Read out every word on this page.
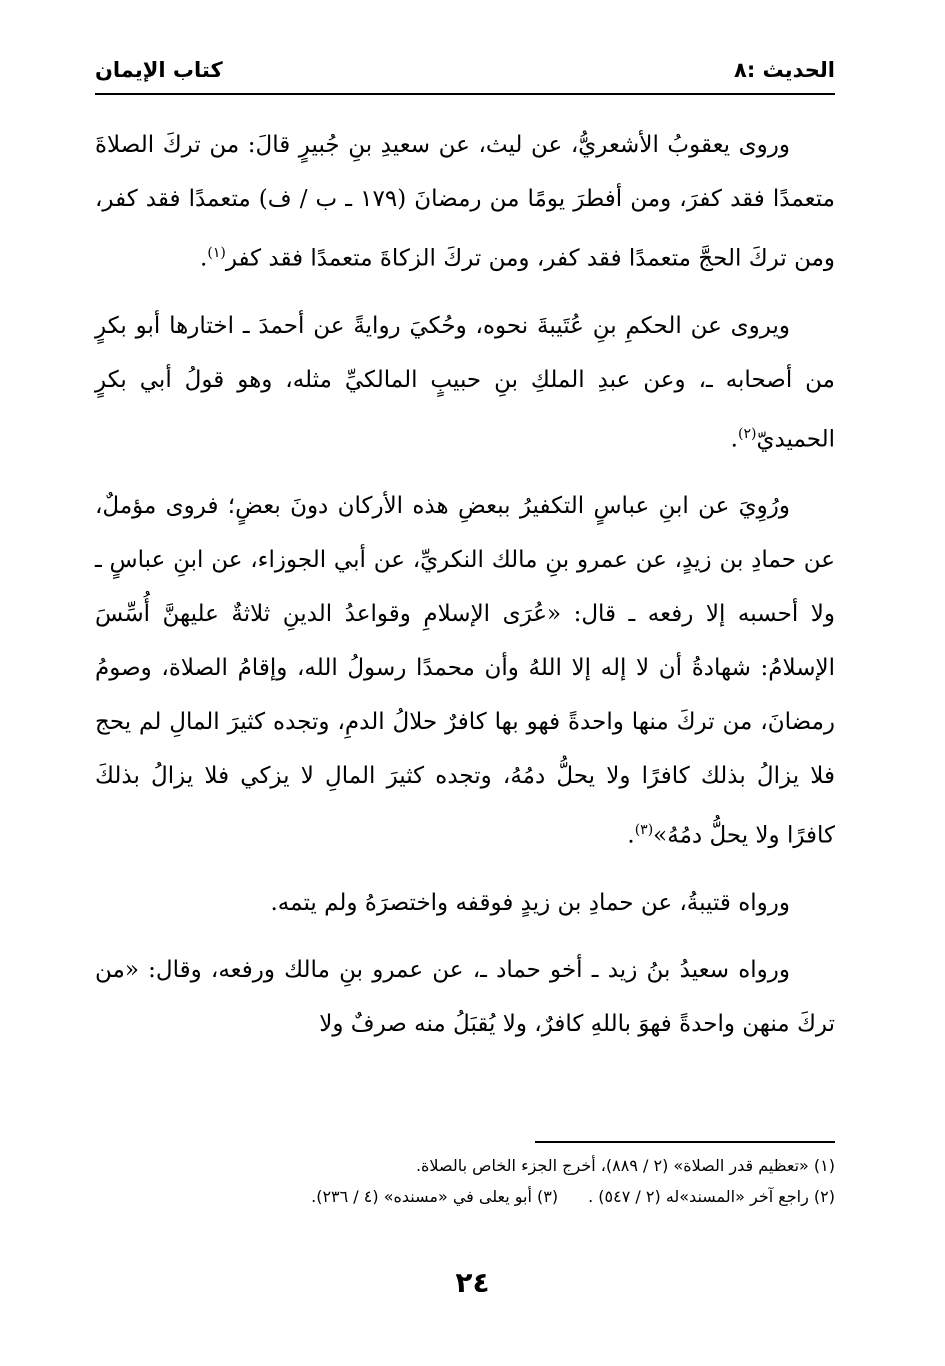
الحديث :٨
كتاب الإيمان

وروى يعقوبُ الأشعريُّ، عن ليث، عن سعيدِ بنِ جُبيرٍ قالَ: من تركَ الصلاةَ متعمدًا فقد كفرَ، ومن أفطرَ يومًا من رمضانَ (١٧٩ ـ ب / ف) متعمدًا فقد كفر، ومن تركَ الحجَّ متعمدًا فقد كفر، ومن تركَ الزكاةَ متعمدًا فقد كفر$^{(١)}$.

ويروى عن الحكمِ بنِ عُتَيبةَ نحوه، وحُكيَ روايةً عن أحمدَ ـ اختارها أبو بكرٍ من أصحابه ـ، وعن عبدِ الملكِ بنِ حبيبٍ المالكيِّ مثله، وهو قولُ أبي بكرٍ الحميديّ$^{(٢)}$.

ورُوِيَ عن ابنِ عباسٍ التكفيرُ ببعضِ هذه الأركان دونَ بعضٍ؛ فروى مؤملٌ، عن حمادِ بن زيدٍ، عن عمرو بنِ مالك النكريِّ، عن أبي الجوزاء، عن ابنِ عباسٍ ـ ولا أحسبه إلا رفعه ـ قال: «عُرَى الإسلامِ وقواعدُ الدينِ ثلاثةٌ عليهنَّ أُسِّسَ الإسلامُ: شهادةُ أن لا إله إلا اللهُ وأن محمدًا رسولُ الله، وإقامُ الصلاة، وصومُ رمضانَ، من تركَ منها واحدةً فهو بها كافرٌ حلالُ الدمِ، وتجده كثيرَ المالِ لم يحج فلا يزالُ بذلك كافرًا ولا يحلُّ دمُهُ، وتجده كثيرَ المالِ لا يزكي فلا يزالُ بذلكَ كافرًا ولا يحلُّ دمُهُ»$^{(٣)}$.

ورواه قتيبةُ، عن حمادِ بن زيدٍ فوقفه واختصرَهُ ولم يتمه.

ورواه سعيدُ بنُ زيد ـ أخو حماد ـ، عن عمرو بنِ مالك ورفعه، وقال: «من تركَ منهن واحدةً فهوَ باللهِ كافرٌ، ولا يُقبَلُ منه صرفٌ ولا

(١) «تعظيم قدر الصلاة» (٢ / ٨٨٩)، أخرج الجزء الخاص بالصلاة.
(٢) راجع آخر «المسند»له (٢ / ٥٤٧) .
(٣) أبو يعلى في «مسنده» (٤ / ٢٣٦).
٢٤
